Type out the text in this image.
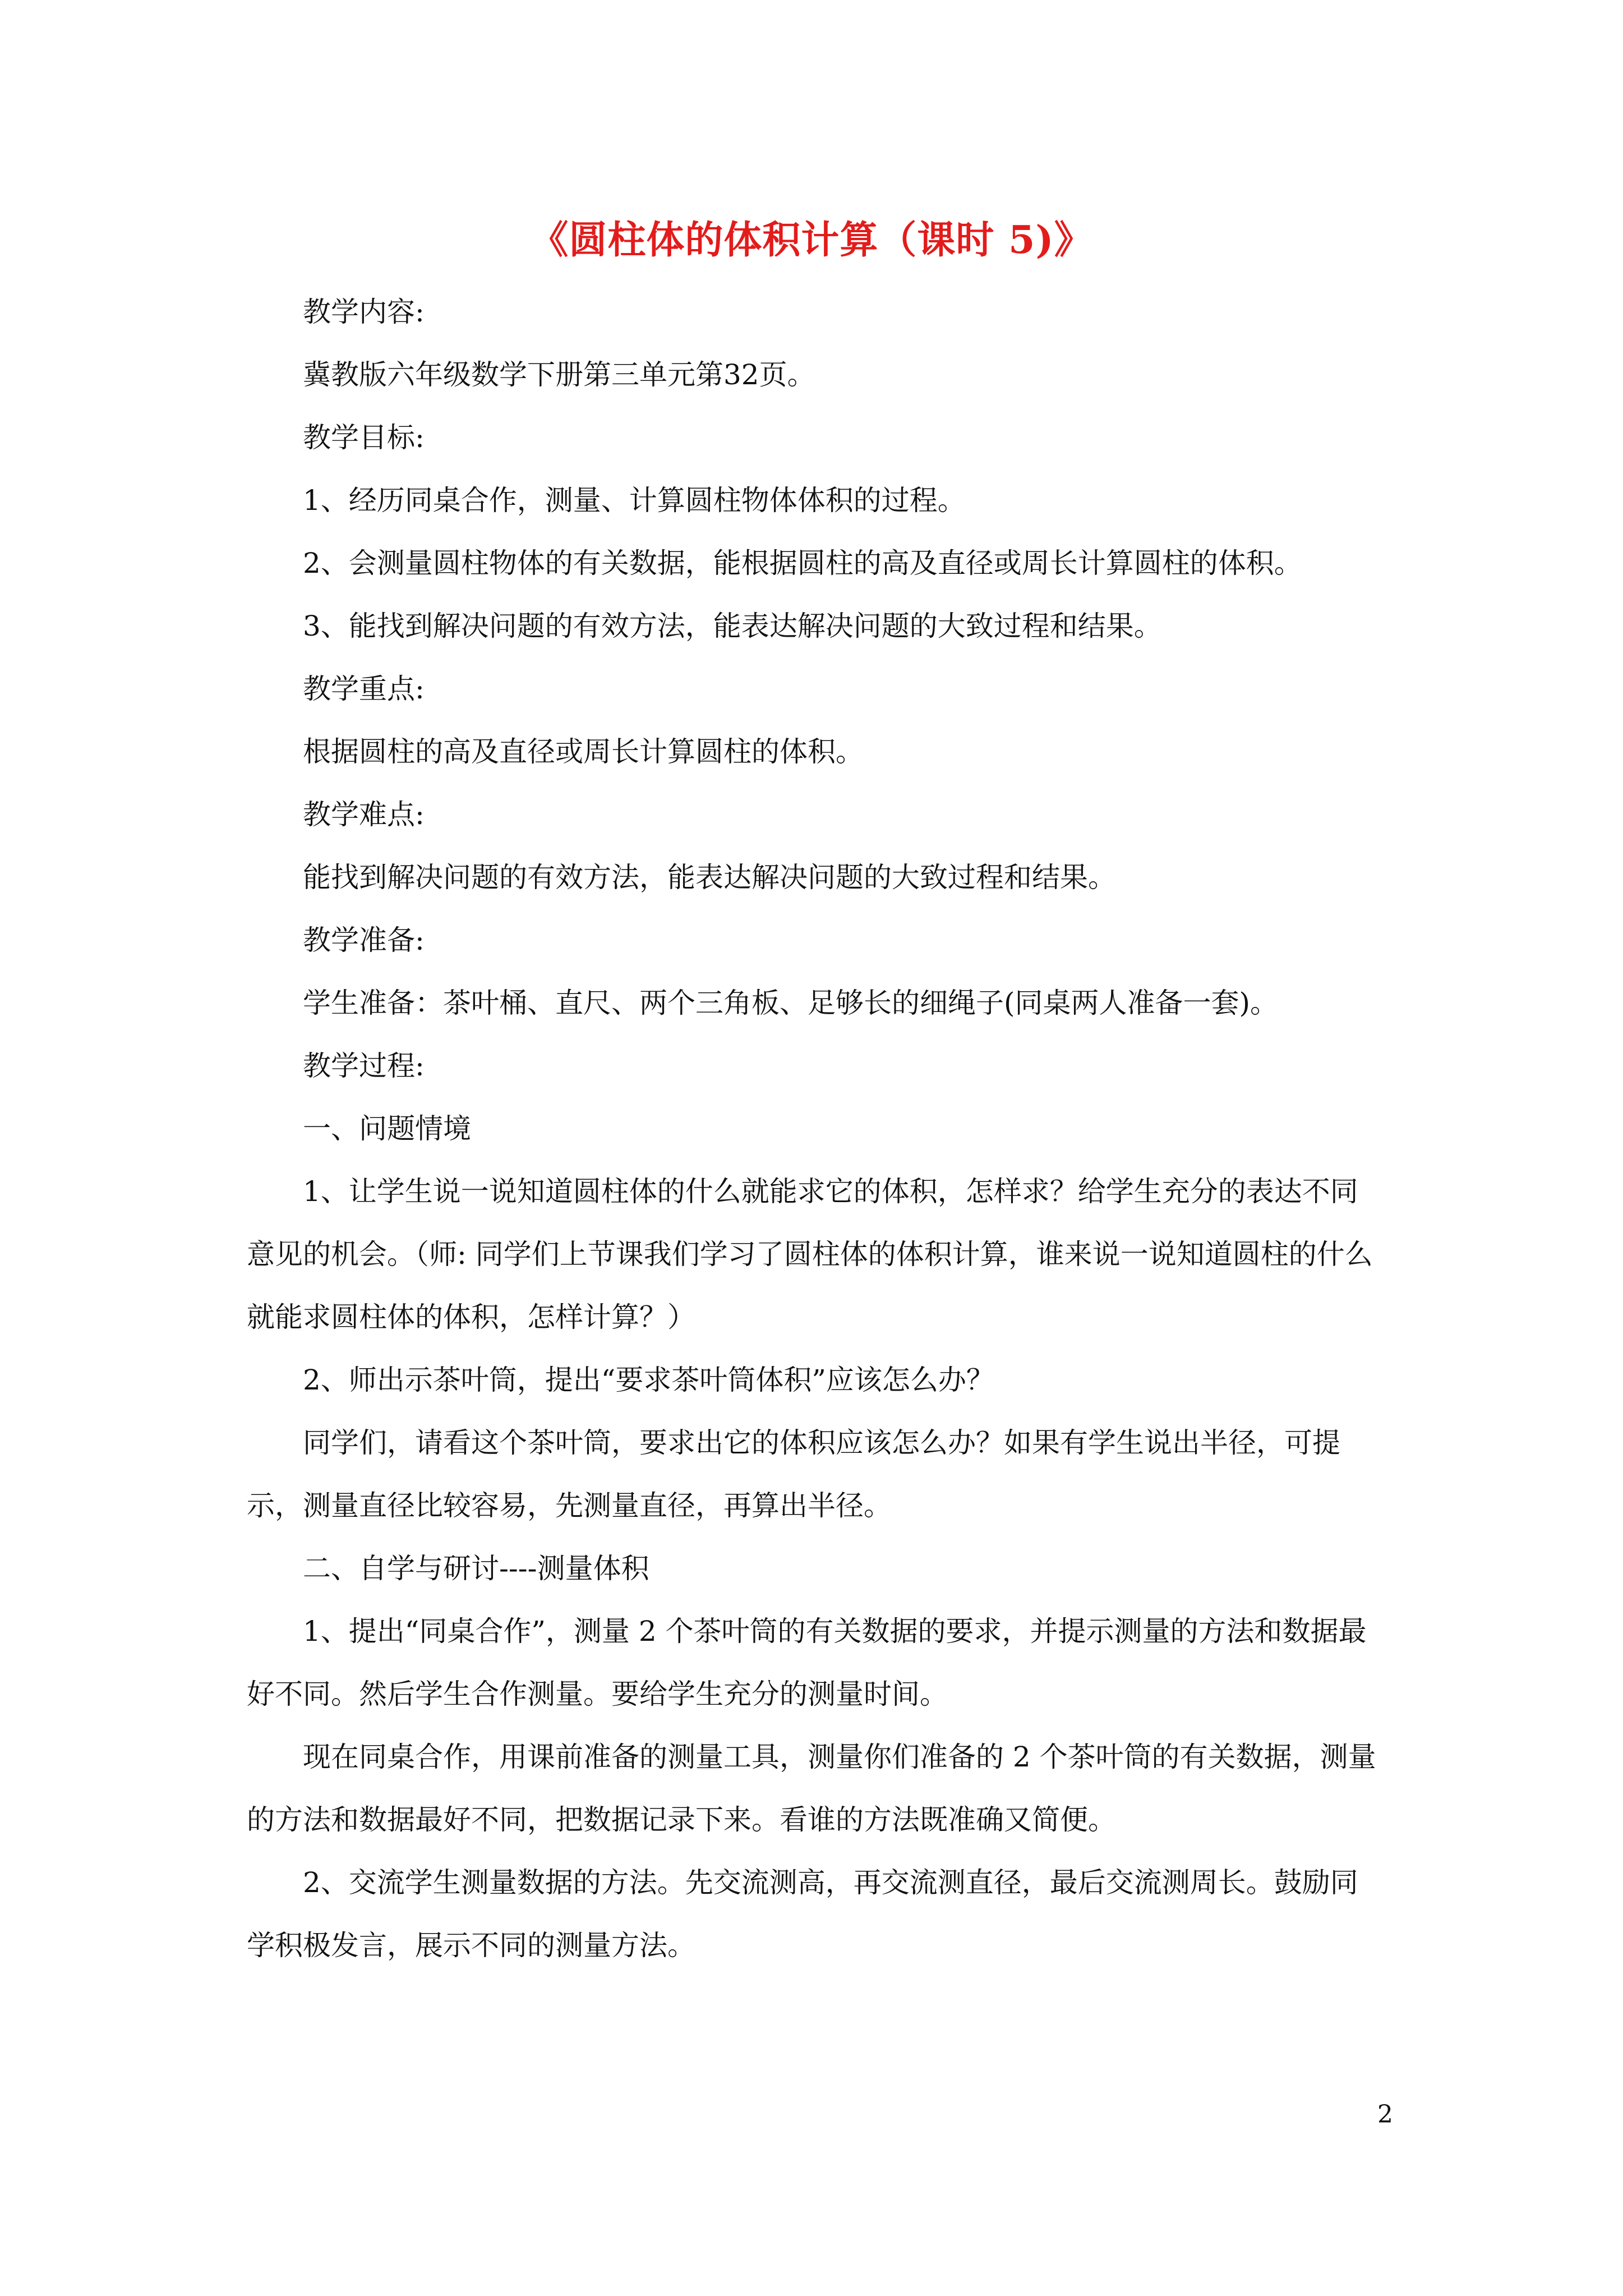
《圆柱体的体积计算（课时 5)》

教学内容:

冀教版六年级数学下册第三单元第32页。

教学目标:

1、经历同桌合作，测量、计算圆柱物体体积的过程。

2、会测量圆柱物体的有关数据，能根据圆柱的高及直径或周长计算圆柱的体积。

3、能找到解决问题的有效方法，能表达解决问题的大致过程和结果。

教学重点:

根据圆柱的高及直径或周长计算圆柱的体积。

教学难点:

能找到解决问题的有效方法，能表达解决问题的大致过程和结果。

教学准备:

学生准备：茶叶桶、直尺、两个三角板、足够长的细绳子(同桌两人准备一套)。

教学过程:

一、问题情境

1、让学生说一说知道圆柱体的什么就能求它的体积，怎样求？给学生充分的表达不同意见的机会。（师: 同学们上节课我们学习了圆柱体的体积计算，谁来说一说知道圆柱的什么就能求圆柱体的体积，怎样计算？）

2、师出示茶叶筒，提出“要求茶叶筒体积”应该怎么办？

同学们，请看这个茶叶筒，要求出它的体积应该怎么办？如果有学生说出半径，可提示，测量直径比较容易，先测量直径，再算出半径。

二、自学与研讨----测量体积

1、提出“同桌合作”，测量 2 个茶叶筒的有关数据的要求，并提示测量的方法和数据最好不同。然后学生合作测量。要给学生充分的测量时间。

现在同桌合作，用课前准备的测量工具，测量你们准备的 2 个茶叶筒的有关数据，测量的方法和数据最好不同，把数据记录下来。看谁的方法既准确又简便。

2、交流学生测量数据的方法。先交流测高，再交流测直径，最后交流测周长。鼓励同学积极发言，展示不同的测量方法。

2
